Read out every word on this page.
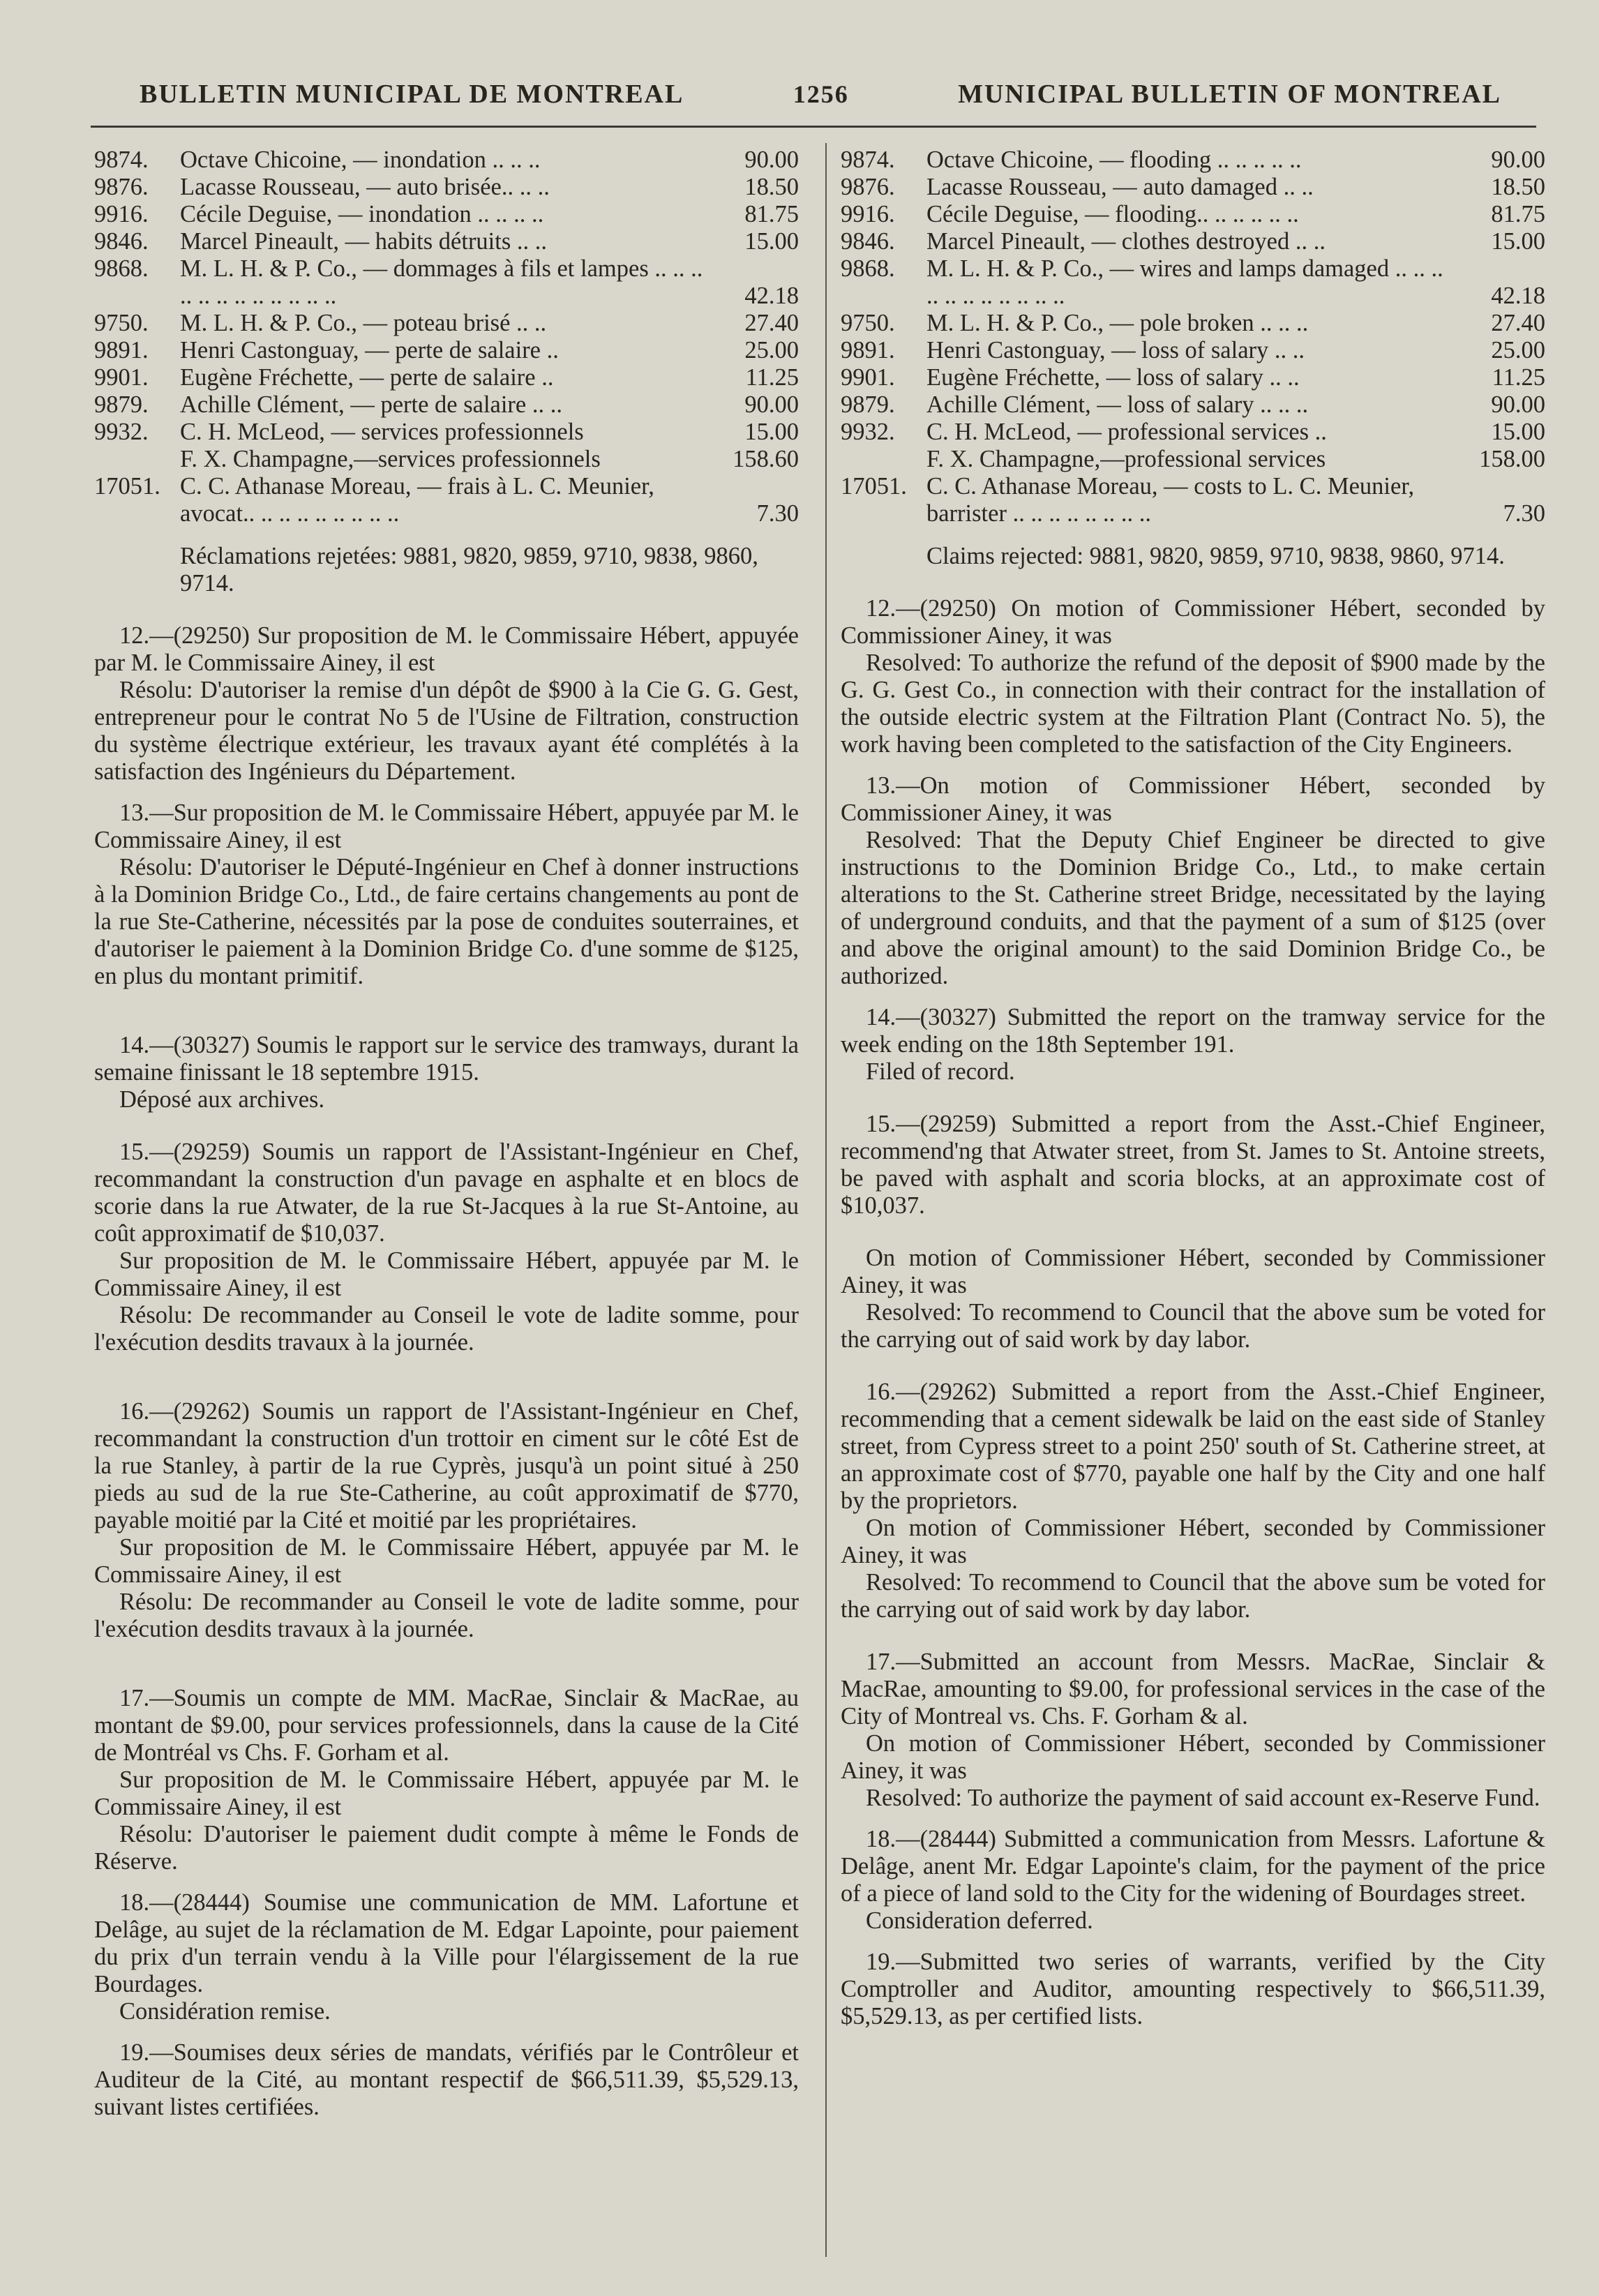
BULLETIN MUNICIPAL DE MONTREAL	1256	MUNICIPAL BULLETIN OF MONTREAL
9874.	Octave Chicoine, — inondation .. .. ..	90.00
9876.	Lacasse Rousseau, — auto brisée.. .. ..	18.50
9916.	Cécile Deguise, — inondation .. .. .. ..	81.75
9846.	Marcel Pineault, — habits détruits .. ..	15.00
9868.	M. L. H. & P. Co., — dommages à fils et lampes .. .. .. .. .. .. .. .. .. .. .. ..	42.18
9750.	M. L. H. & P. Co., — poteau brisé .. ..	27.40
9891.	Henri Castonguay, — perte de salaire ..	25.00
9901.	Eugène Fréchette, — perte de salaire ..	11.25
9879.	Achille Clément, — perte de salaire .. ..	90.00
9932.	C. H. McLeod, — services professionnels	15.00
F. X. Champagne,—services professionnels	158.60
17051. C. C. Athanase Moreau, — frais à L. C. Meunier, avocat.. .. .. .. .. .. .. .. ..	7.30

Réclamations rejetées: 9881, 9820, 9859, 9710, 9838, 9860, 9714.

12.—(29250) Sur proposition de M. le Commissaire Hébert, appuyée par M. le Commissaire Ainey, il est

Résolu: D'autoriser la remise d'un dépôt de $900 à la Cie G. G. Gest, entrepreneur pour le contrat No 5 de l'Usine de Filtration, construction du système électrique extérieur, les travaux ayant été complétés à la satisfaction des Ingénieurs du Département.

13.—Sur proposition de M. le Commissaire Hébert, appuyée par M. le Commissaire Ainey, il est

Résolu: D'autoriser le Député-Ingénieur en Chef à donner instructions à la Dominion Bridge Co., Ltd., de faire certains changements au pont de la rue Ste-Catherine, nécessités par la pose de conduites souterraines, et d'autoriser le paiement à la Dominion Bridge Co. d'une somme de $125, en plus du montant primitif.

14.—(30327) Soumis le rapport sur le service des tramways, durant la semaine finissant le 18 septembre 1915.

Déposé aux archives.

15.—(29259) Soumis un rapport de l'Assistant-Ingénieur en Chef, recommandant la construction d'un pavage en asphalte et en blocs de scorie dans la rue Atwater, de la rue St-Jacques à la rue St-Antoine, au coût approximatif de $10,037.

Sur proposition de M. le Commissaire Hébert, appuyée par M. le Commissaire Ainey, il est

Résolu: De recommander au Conseil le vote de ladite somme, pour l'exécution desdits travaux à la journée.

16.—(29262) Soumis un rapport de l'Assistant-Ingénieur en Chef, recommandant la construction d'un trottoir en ciment sur le côté Est de la rue Stanley, à partir de la rue Cyprès, jusqu'à un point situé à 250 pieds au sud de la rue Ste-Catherine, au coût approximatif de $770, payable moitié par la Cité et moitié par les propriétaires.

Sur proposition de M. le Commissaire Hébert, appuyée par M. le Commissaire Ainey, il est

Résolu: De recommander au Conseil le vote de ladite somme, pour l'exécution desdits travaux à la journée.

17.—Soumis un compte de MM. MacRae, Sinclair & MacRae, au montant de $9.00, pour services professionnels, dans la cause de la Cité de Montréal vs Chs. F. Gorham et al.

Sur proposition de M. le Commissaire Hébert, appuyée par M. le Commissaire Ainey, il est

Résolu: D'autoriser le paiement dudit compte à même le Fonds de Réserve.

18.—(28444) Soumise une communication de MM. Lafortune et Delâge, au sujet de la réclamation de M. Edgar Lapointe, pour paiement du prix d'un terrain vendu à la Ville pour l'élargissement de la rue Bourdages.

Considération remise.

19.—Soumises deux séries de mandats, vérifiés par le Contrôleur et Auditeur de la Cité, au montant respectif de $66,511.39, $5,529.13, suivant listes certifiées.

9874.	Octave Chicoine, — flooding .. .. .. .. ..	90.00
9876.	Lacasse Rousseau, — auto damaged .. ..	18.50
9916.	Cécile Deguise, — flooding.. .. .. .. .. ..	81.75
9846.	Marcel Pineault, — clothes destroyed .. ..	15.00
9868.	M. L. H. & P. Co., — wires and lamps damaged .. .. .. .. .. .. .. .. .. .. ..	42.18
9750.	M. L. H. & P. Co., — pole broken .. .. ..	27.40
9891.	Henri Castonguay, — loss of salary .. ..	25.00
9901.	Eugène Fréchette, — loss of salary .. ..	11.25
9879.	Achille Clément, — loss of salary .. .. ..	90.00
9932.	C. H. McLeod, — professional services ..	15.00
F. X. Champagne,—professional services	158.00
17051. C. C. Athanase Moreau, — costs to L. C. Meunier, barrister .. .. .. .. .. .. .. ..	7.30

Claims rejected: 9881, 9820, 9859, 9710, 9838, 9860, 9714.

12.—(29250) On motion of Commissioner Hébert, seconded by Commissioner Ainey, it was

Resolved: To authorize the refund of the deposit of $900 made by the G. G. Gest Co., in connection with their contract for the installation of the outside electric system at the Filtration Plant (Contract No. 5), the work having been completed to the satisfaction of the City Engineers.

13.—On motion of Commissioner Hébert, seconded by Commissioner Ainey, it was

Resolved: That the Deputy Chief Engineer be directed to give instructionıs to the Dominion Bridge Co., Ltd., to make certain alterations to the St. Catherine street Bridge, necessitated by the laying of underground conduits, and that the payment of a sum of $125 (over and above the original amount) to the said Dominion Bridge Co., be authorized.

14.—(30327) Submitted the report on the tramway service for the week ending on the 18th September 191.

Filed of record.

15.—(29259) Submitted a report from the Asst.-Chief Engineer, recommend'ng that Atwater street, from St. James to St. Antoine streets, be paved with asphalt and scoria blocks, at an approximate cost of $10,037.

On motion of Commissioner Hébert, seconded by Commissioner Ainey, it was

Resolved: To recommend to Council that the above sum be voted for the carrying out of said work by day labor.

16.—(29262) Submitted a report from the Asst.-Chief Engineer, recommending that a cement sidewalk be laid on the east side of Stanley street, from Cypress street to a point 250' south of St. Catherine street, at an approximate cost of $770, payable one half by the City and one half by the proprietors.

On motion of Commissioner Hébert, seconded by Commissioner Ainey, it was

Resolved: To recommend to Council that the above sum be voted for the carrying out of said work by day labor.

17.—Submitted an account from Messrs. MacRae, Sinclair & MacRae, amounting to $9.00, for professional services in the case of the City of Montreal vs. Chs. F. Gorham & al.

On motion of Commissioner Hébert, seconded by Commissioner Ainey, it was

Resolved: To authorize the payment of said account ex-Reserve Fund.

18.—(28444) Submitted a communication from Messrs. Lafortune & Delâge, anent Mr. Edgar Lapointe's claim, for the payment of the price of a piece of land sold to the City for the widening of Bourdages street.

Consideration deferred.

19.—Submitted two series of warrants, verified by the City Comptroller and Auditor, amounting respectively to $66,511.39, $5,529.13, as per certified lists.
